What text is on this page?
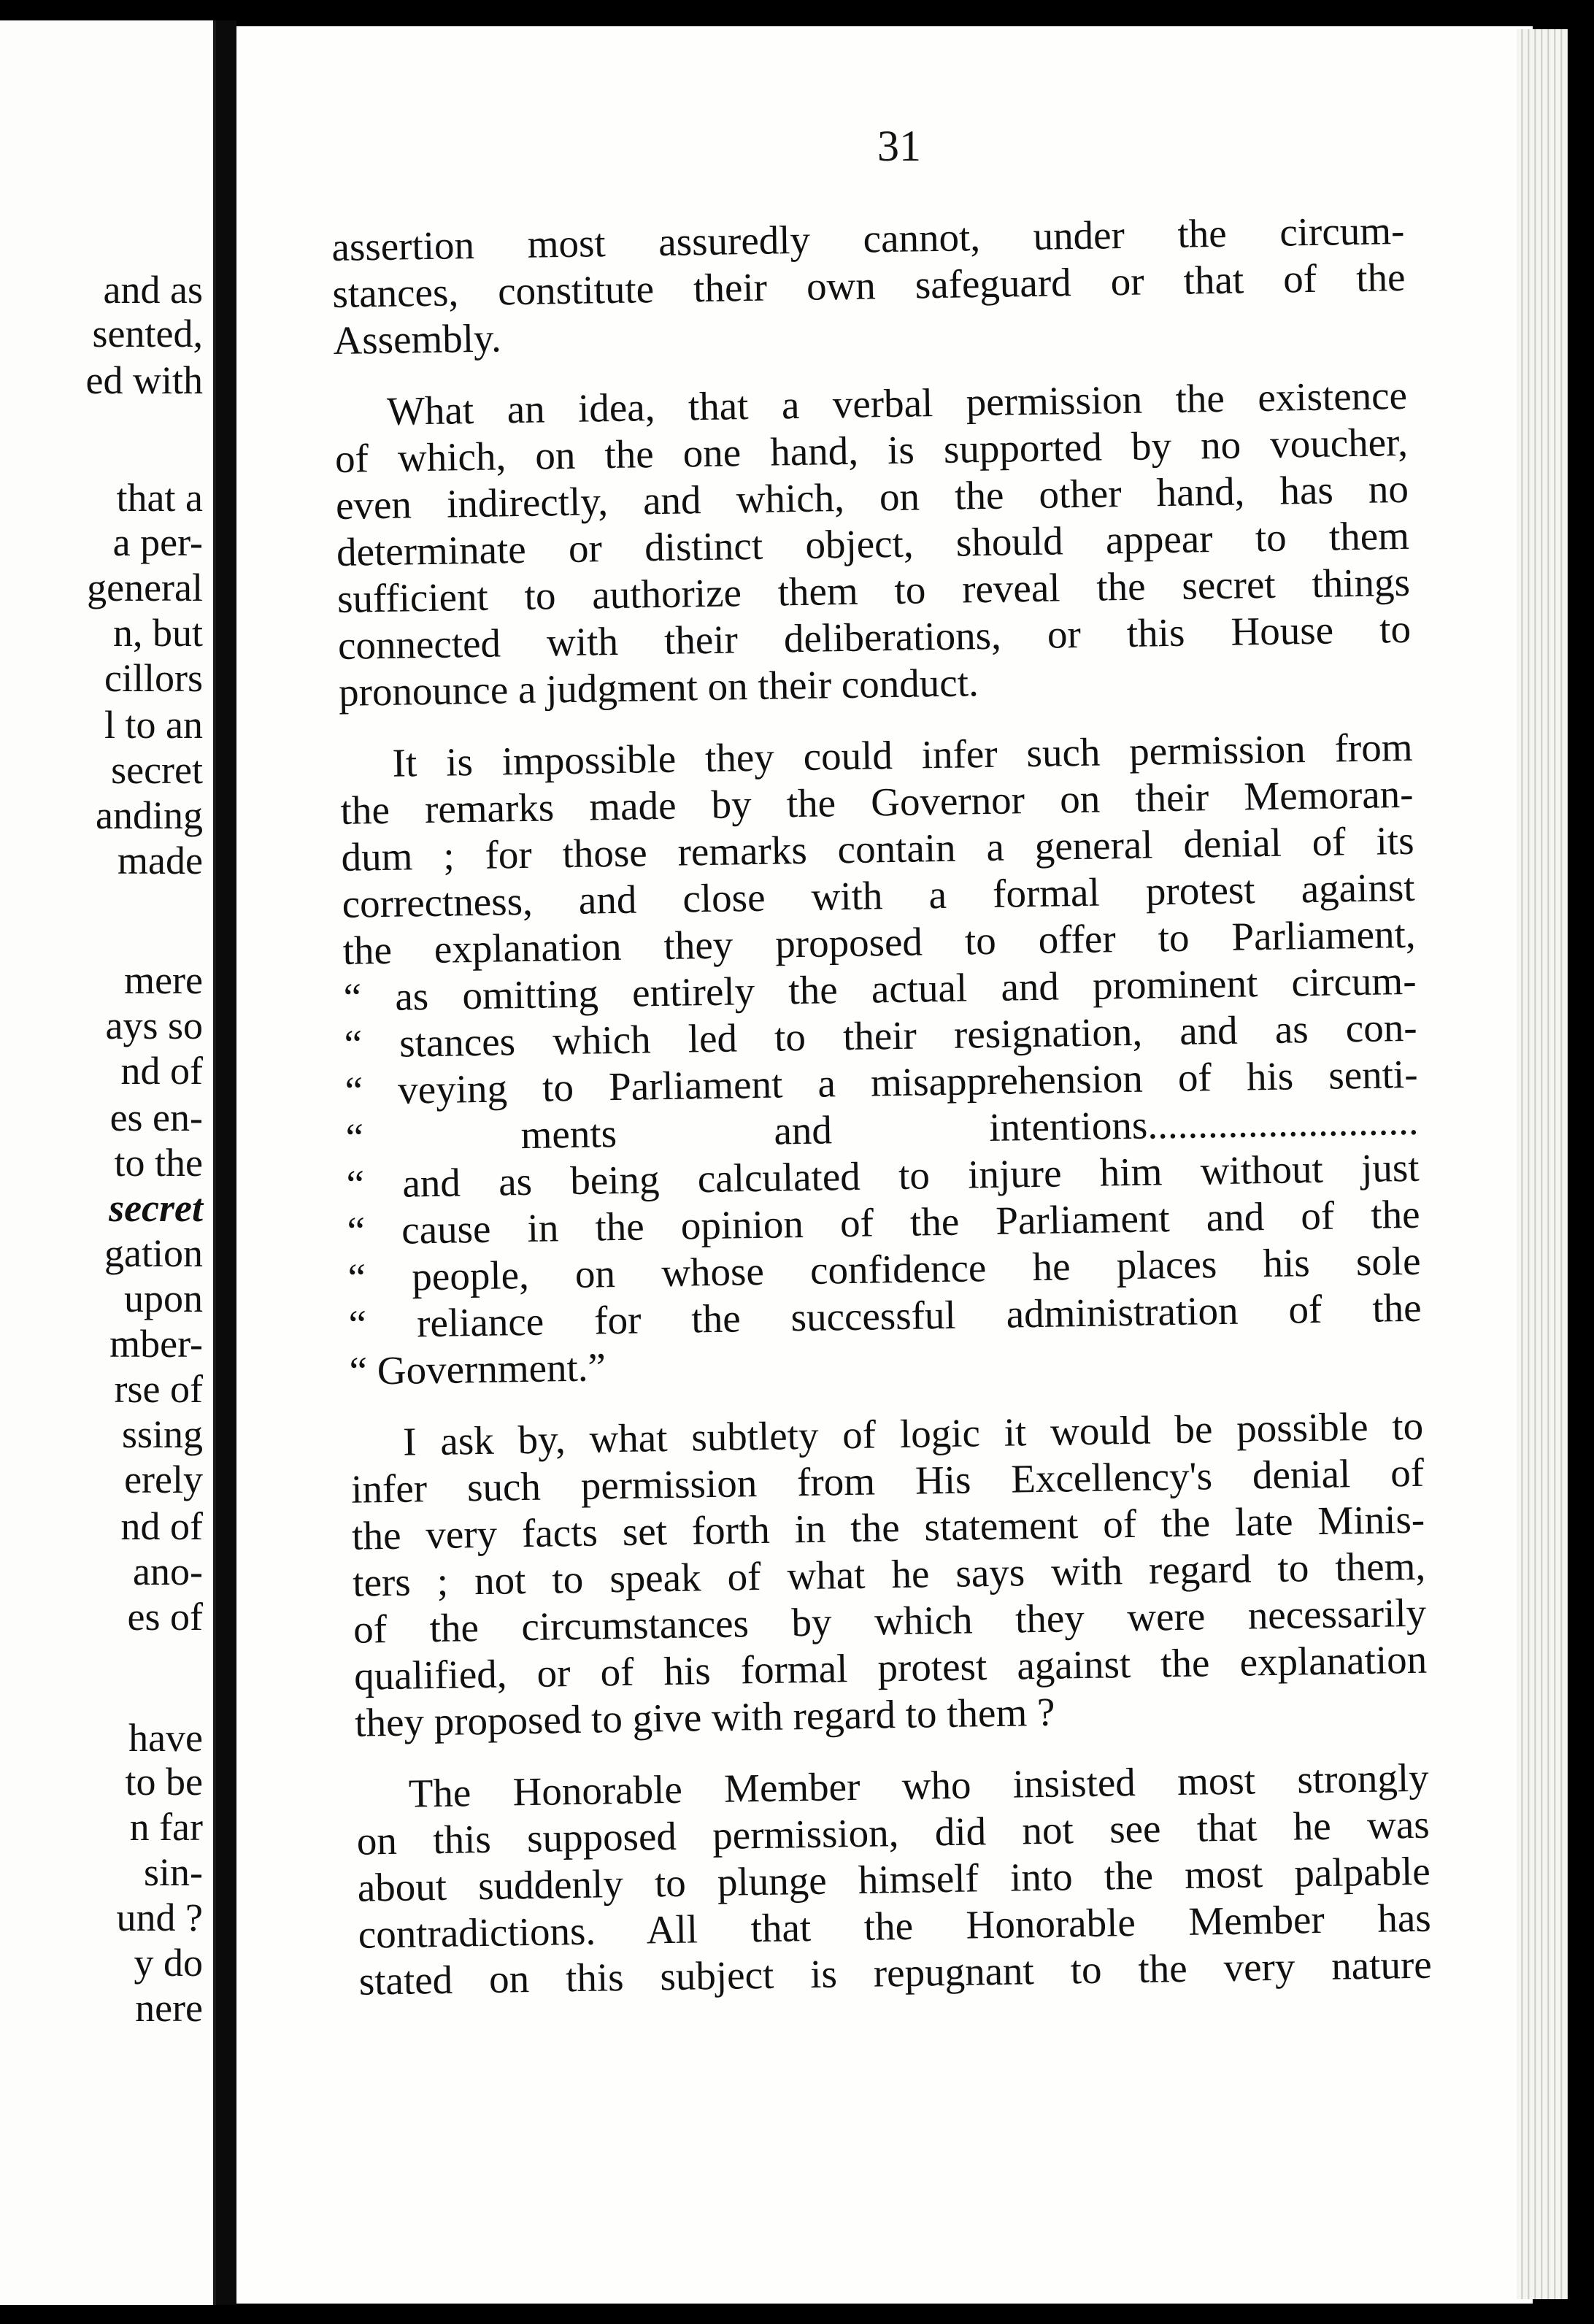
and as
sented,
ed with
that a
a per-
general
n, but
cillors
l to an
secret
anding
made
mere
ays so
nd of
es en-
to the
secret
gation
upon
mber-
rse of
ssing
erely
nd of
ano-
es of
have
to be
n far
sin-
und ?
y do
nere
31
assertion most assuredly cannot, under the circum-
stances, constitute their own safeguard or that of the
Assembly.
What an idea, that a verbal permission the existence
of which, on the one hand, is supported by no voucher,
even indirectly, and which, on the other hand, has no
determinate or distinct object, should appear to them
sufficient to authorize them to reveal the secret things
connected with their deliberations, or this House to
pronounce a judgment on their conduct.
It is impossible they could infer such permission from
the remarks made by the Governor on their Memoran-
dum ; for those remarks contain a general denial of its
correctness, and close with a formal protest against
the explanation they proposed to offer to Parliament,
“ as omitting entirely the actual and prominent circum-
“ stances which led to their resignation, and as con-
“ veying to Parliament a misapprehension of his senti-
“ ments and intentions...........................
“ and as being calculated to injure him without just
“ cause in the opinion of the Parliament and of the
“ people, on whose confidence he places his sole
“ reliance for the successful administration of the
“ Government.”
I ask by, what subtlety of logic it would be possible to
infer such permission from His Excellency's denial of
the very facts set forth in the statement of the late Minis-
ters ; not to speak of what he says with regard to them,
of the circumstances by which they were necessarily
qualified, or of his formal protest against the explanation
they proposed to give with regard to them ?
The Honorable Member who insisted most strongly
on this supposed permission, did not see that he was
about suddenly to plunge himself into the most palpable
contradictions. All that the Honorable Member has
stated on this subject is repugnant to the very nature
